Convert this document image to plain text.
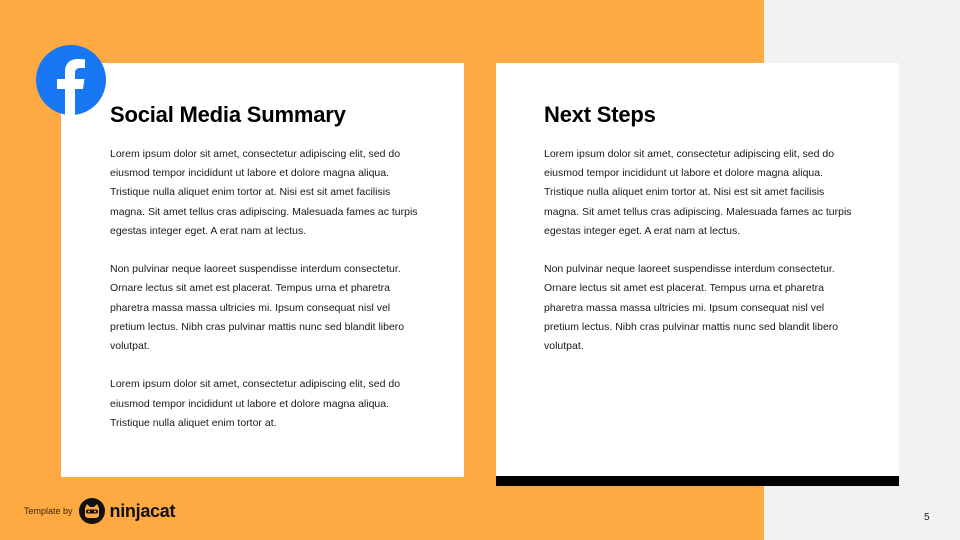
Social Media Summary

Lorem ipsum dolor sit amet, consectetur adipiscing elit, sed do eiusmod tempor incididunt ut labore et dolore magna aliqua. Tristique nulla aliquet enim tortor at. Nisi est sit amet facilisis magna. Sit amet tellus cras adipiscing. Malesuada fames ac turpis egestas integer eget. A erat nam at lectus.

Non pulvinar neque laoreet suspendisse interdum consectetur. Ornare lectus sit amet est placerat. Tempus urna et pharetra pharetra massa massa ultricies mi. Ipsum consequat nisl vel pretium lectus. Nibh cras pulvinar mattis nunc sed blandit libero volutpat.

Lorem ipsum dolor sit amet, consectetur adipiscing elit, sed do eiusmod tempor incididunt ut labore et dolore magna aliqua. Tristique nulla aliquet enim tortor at.

Next Steps

Lorem ipsum dolor sit amet, consectetur adipiscing elit, sed do eiusmod tempor incididunt ut labore et dolore magna aliqua. Tristique nulla aliquet enim tortor at. Nisi est sit amet facilisis magna. Sit amet tellus cras adipiscing. Malesuada fames ac turpis egestas integer eget. A erat nam at lectus.

Non pulvinar neque laoreet suspendisse interdum consectetur. Ornare lectus sit amet est placerat. Tempus urna et pharetra pharetra massa massa ultricies mi. Ipsum consequat nisl vel pretium lectus. Nibh cras pulvinar mattis nunc sed blandit libero volutpat.

Template by ninjacat	5
